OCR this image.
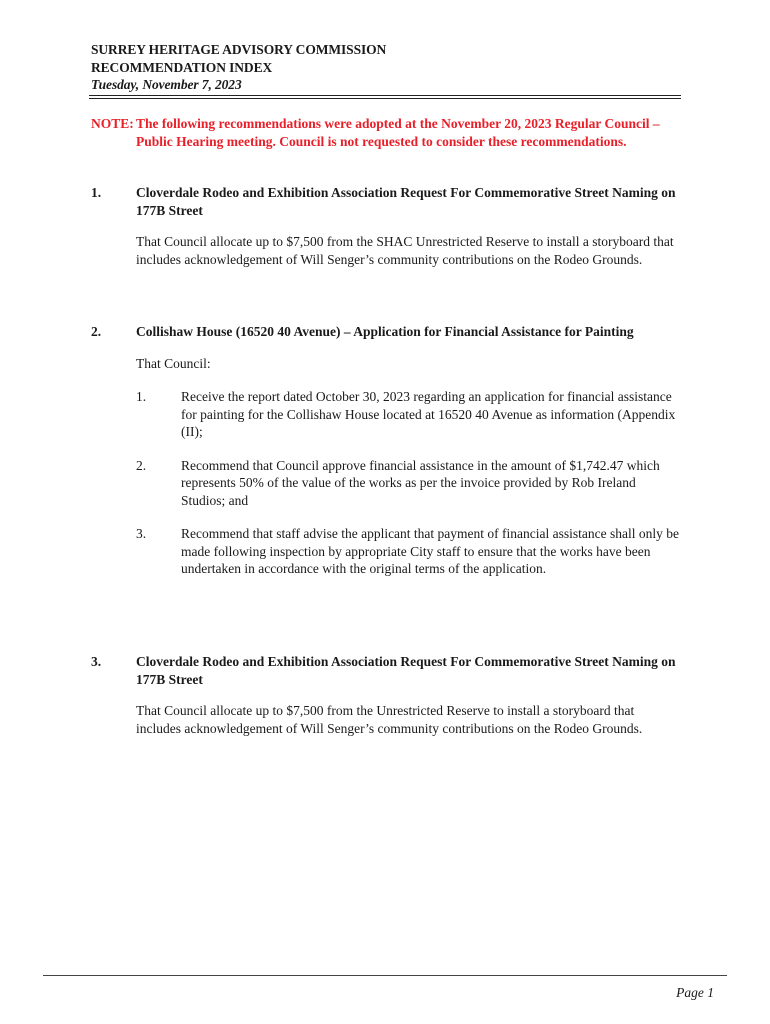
SURREY HERITAGE ADVISORY COMMISSION
RECOMMENDATION INDEX
Tuesday, November 7, 2023
NOTE: The following recommendations were adopted at the November 20, 2023 Regular Council – Public Hearing meeting. Council is not requested to consider these recommendations.
1.	Cloverdale Rodeo and Exhibition Association Request For Commemorative Street Naming on 177B Street
That Council allocate up to $7,500 from the SHAC Unrestricted Reserve to install a storyboard that includes acknowledgement of Will Senger’s community contributions on the Rodeo Grounds.
2.	Collishaw House (16520 40 Avenue) – Application for Financial Assistance for Painting
That Council:
1.	Receive the report dated October 30, 2023 regarding an application for financial assistance for painting for the Collishaw House located at 16520 40 Avenue as information (Appendix (II);
2.	Recommend that Council approve financial assistance in the amount of $1,742.47 which represents 50% of the value of the works as per the invoice provided by Rob Ireland Studios; and
3.	Recommend that staff advise the applicant that payment of financial assistance shall only be made following inspection by appropriate City staff to ensure that the works have been undertaken in accordance with the original terms of the application.
3.	Cloverdale Rodeo and Exhibition Association Request For Commemorative Street Naming on 177B Street
That Council allocate up to $7,500 from the Unrestricted Reserve to install a storyboard that includes acknowledgement of Will Senger’s community contributions on the Rodeo Grounds.
Page 1
